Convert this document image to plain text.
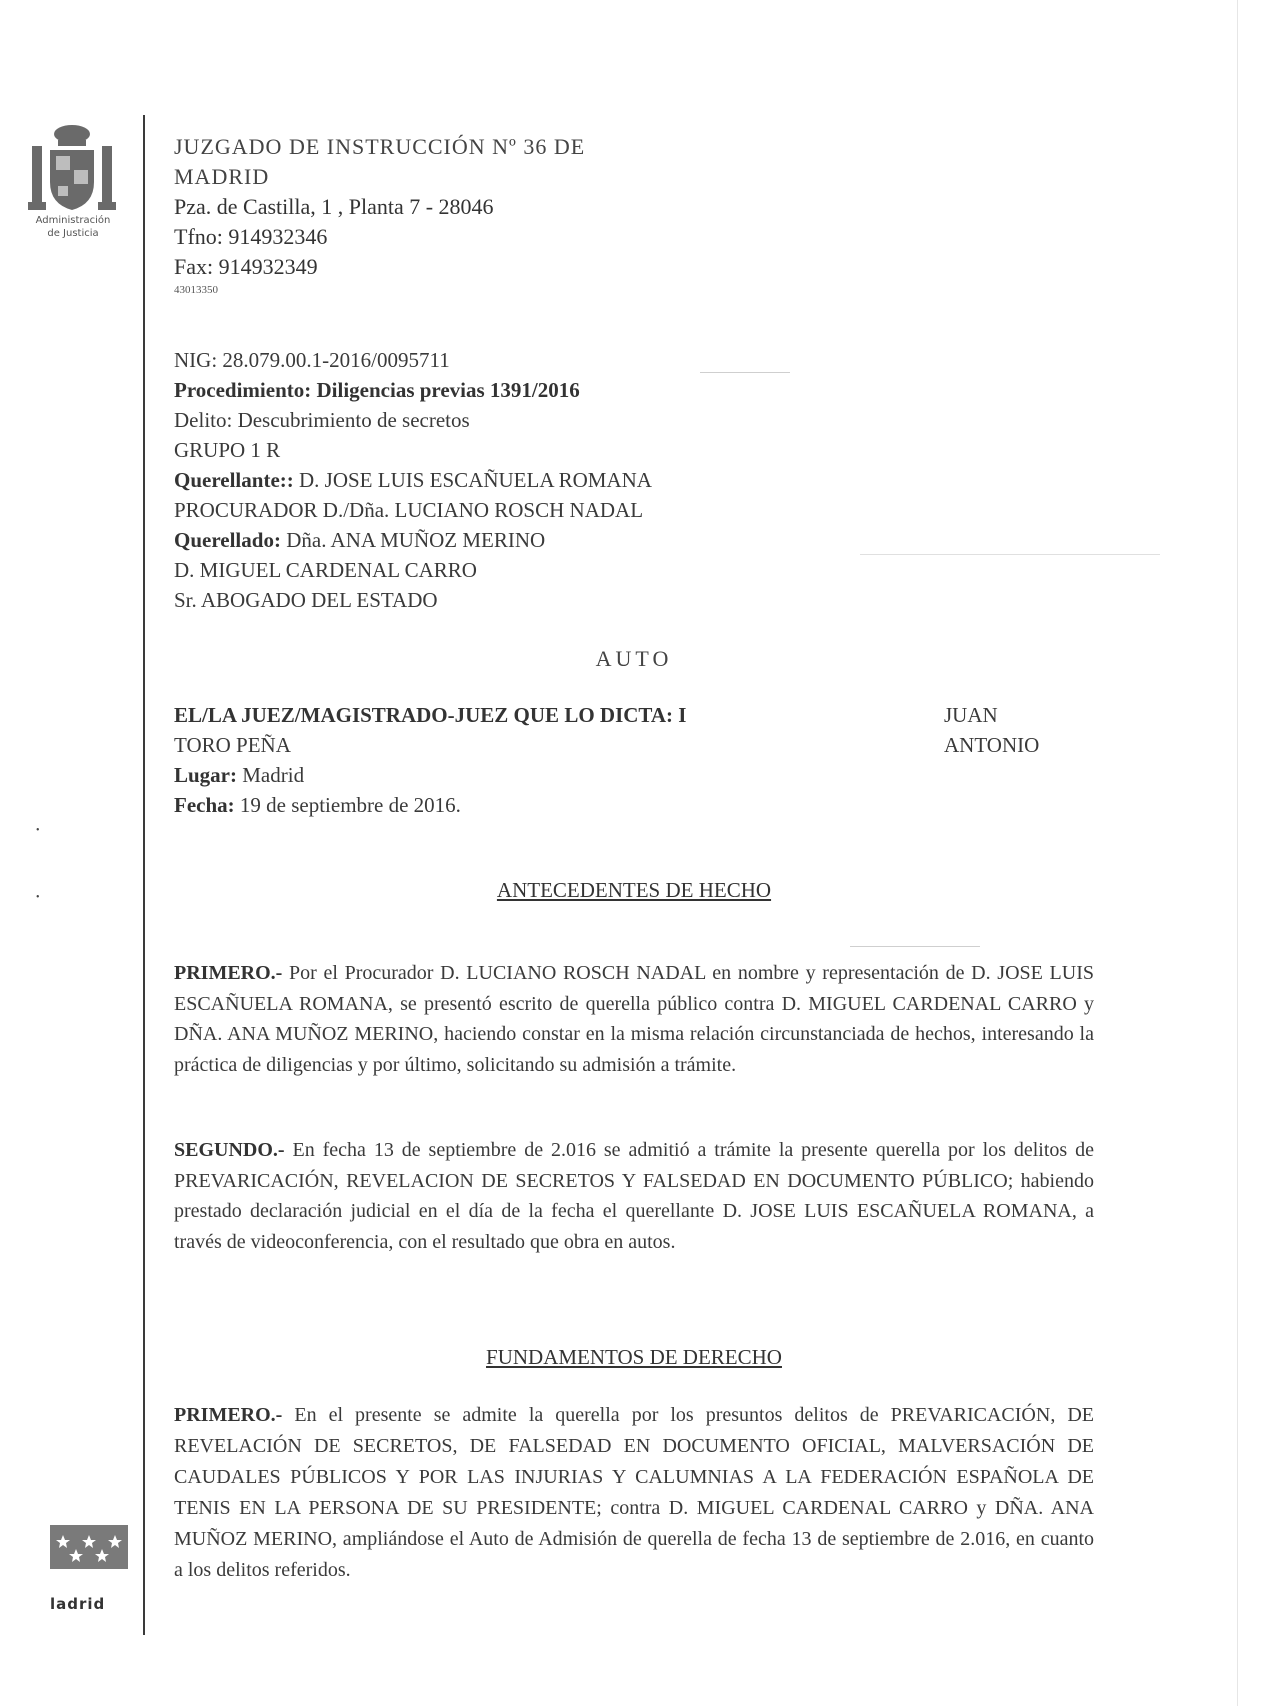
Administración
de Justicia
ladrid
•
•
JUZGADO DE INSTRUCCIÓN Nº 36 DE
MADRID
Pza. de Castilla, 1 , Planta 7 - 28046
Tfno: 914932346
Fax: 914932349
43013350
NIG: 28.079.00.1-2016/0095711
Procedimiento: Diligencias previas 1391/2016
Delito: Descubrimiento de secretos
GRUPO 1 R
Querellante:: D. JOSE LUIS ESCAÑUELA ROMANA
PROCURADOR D./Dña. LUCIANO ROSCH NADAL
Querellado: Dña. ANA MUÑOZ MERINO
D. MIGUEL CARDENAL CARRO
Sr. ABOGADO DEL ESTADO
AUTO
EL/LA JUEZ/MAGISTRADO-JUEZ QUE LO DICTA: I	JUAN ANTONIO
TORO PEÑA
Lugar: Madrid
Fecha: 19 de septiembre de 2016.
ANTECEDENTES DE HECHO
PRIMERO.- Por el Procurador D. LUCIANO ROSCH NADAL en nombre y representación de D. JOSE LUIS ESCAÑUELA ROMANA, se presentó escrito de querella público contra D. MIGUEL CARDENAL CARRO y DÑA. ANA MUÑOZ MERINO, haciendo constar en la misma relación circunstanciada de hechos, interesando la práctica de diligencias y por último, solicitando su admisión a trámite.
SEGUNDO.- En fecha 13 de septiembre de 2.016 se admitió a trámite la presente querella por los delitos de PREVARICACIÓN, REVELACION DE SECRETOS Y FALSEDAD EN DOCUMENTO PÚBLICO; habiendo prestado declaración judicial en el día de la fecha el querellante D. JOSE LUIS ESCAÑUELA ROMANA, a través de videoconferencia, con el resultado que obra en autos.
FUNDAMENTOS DE DERECHO
PRIMERO.- En el presente se admite la querella por los presuntos delitos de PREVARICACIÓN, DE REVELACIÓN DE SECRETOS, DE FALSEDAD EN DOCUMENTO OFICIAL, MALVERSACIÓN DE CAUDALES PÚBLICOS Y POR LAS INJURIAS Y CALUMNIAS A LA FEDERACIÓN ESPAÑOLA DE TENIS EN LA PERSONA DE SU PRESIDENTE; contra D. MIGUEL CARDENAL CARRO y DÑA. ANA MUÑOZ MERINO, ampliándose el Auto de Admisión de querella de fecha 13 de septiembre de 2.016, en cuanto a los delitos referidos.
